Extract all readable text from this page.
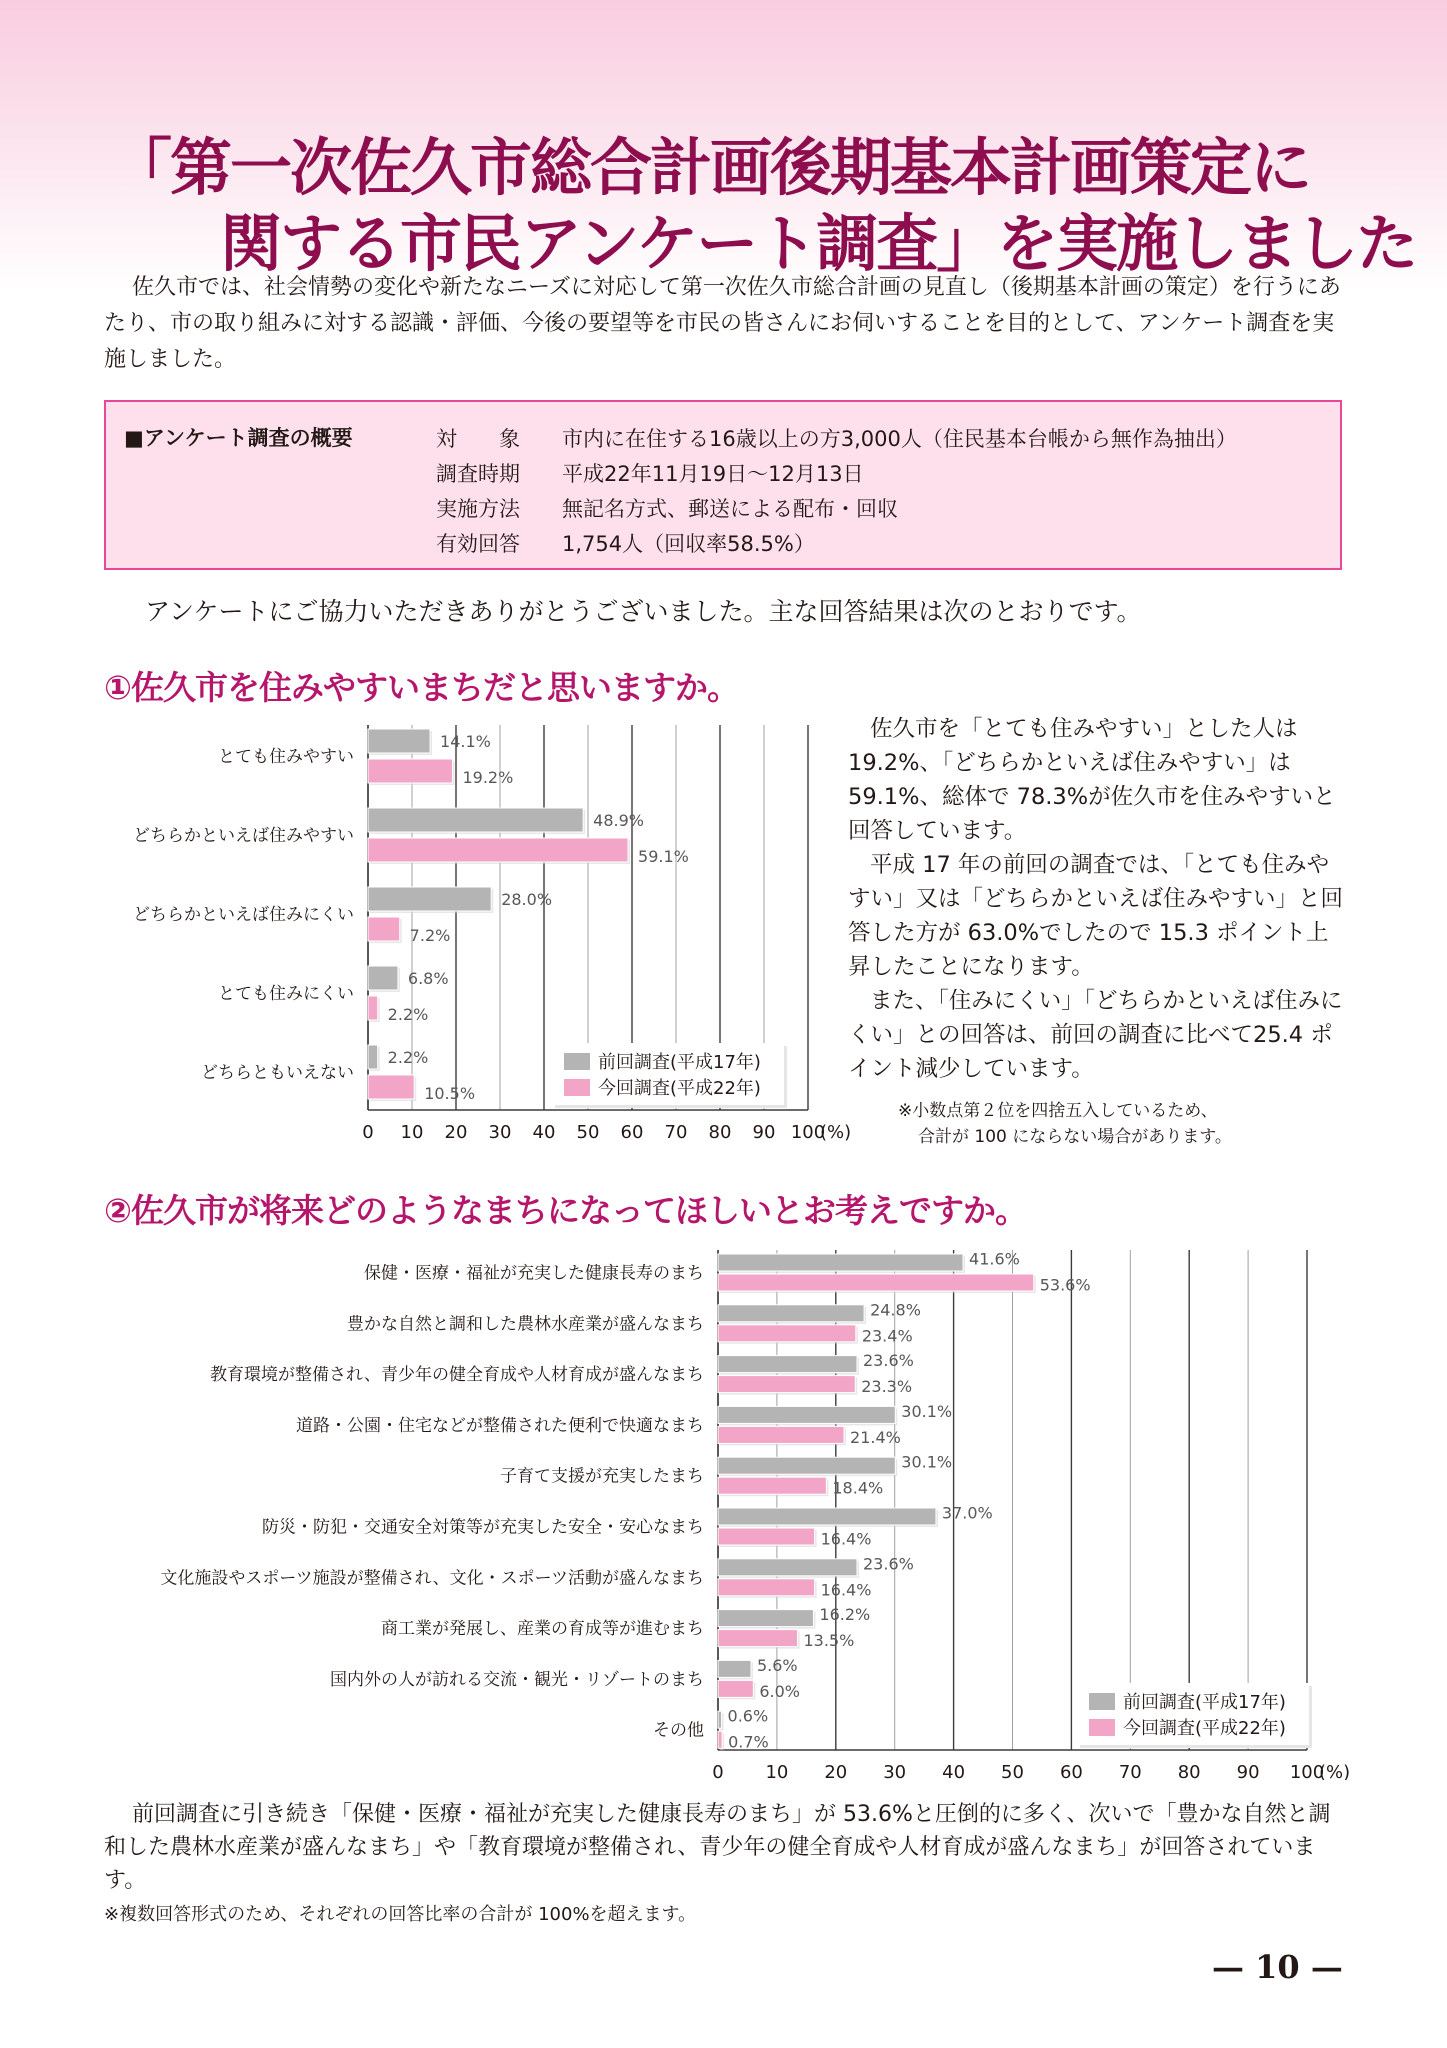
「第一次佐久市総合計画後期基本計画策定に
関する市民アンケート調査」を実施しました
佐久市では、社会情勢の変化や新たなニーズに対応して第一次佐久市総合計画の見直し（後期基本計画の策定）を行うにあたり、市の取り組みに対する認識・評価、今後の要望等を市民の皆さんにお伺いすることを目的として、アンケート調査を実施しました。
■アンケート調査の概要	対　　象	市内に在住する16歳以上の方3,000人（住民基本台帳から無作為抽出）
調査時期	平成22年11月19日～12月13日
実施方法	無記名方式、郵送による配布・回収
有効回答	1,754人（回収率58.5%）
アンケートにご協力いただきありがとうございました。主な回答結果は次のとおりです。
①佐久市を住みやすいまちだと思いますか。
0 10 20 30 40 50 60 70 80 90 100
(%)
とても住みやすい
14.1%
19.2%
どちらかといえば住みやすい
48.9%
59.1%
どちらかといえば住みにくい
28.0%
7.2%
とても住みにくい
6.8%
2.2%
どちらともいえない
2.2%
10.5%
前回調査(平成17年)
今回調査(平成22年)

佐久市を「とても住みやすい」とした人は19.2%、「どちらかといえば住みやすい」は59.1%、総体で 78.3%が佐久市を住みやすいと回答しています。

平成 17 年の前回の調査では、「とても住みやすい」又は「どちらかといえば住みやすい」と回答した方が 63.0%でしたので 15.3 ポイント上昇したことになります。

また、「住みにくい」「どちらかといえば住みにくい」との回答は、前回の調査に比べて25.4 ポイント減少しています。

※小数点第２位を四捨五入しているため、
合計が 100 にならない場合があります。
②佐久市が将来どのようなまちになってほしいとお考えですか。
0 10 20 30 40 50 60 70 80 90 100
(%)
保健・医療・福祉が充実した健康長寿のまち
41.6%
53.6%
豊かな自然と調和した農林水産業が盛んなまち
24.8%
23.4%
教育環境が整備され、青少年の健全育成や人材育成が盛んなまち
23.6%
23.3%
道路・公園・住宅などが整備された便利で快適なまち
30.1%
21.4%
子育て支援が充実したまち
30.1%
18.4%
防災・防犯・交通安全対策等が充実した安全・安心なまち
37.0%
16.4%
文化施設やスポーツ施設が整備され、文化・スポーツ活動が盛んなまち
23.6%
16.4%
商工業が発展し、産業の育成等が進むまち
16.2%
13.5%
国内外の人が訪れる交流・観光・リゾートのまち
5.6%
6.0%
その他
0.6%
0.7%
前回調査(平成17年)
今回調査(平成22年)
前回調査に引き続き「保健・医療・福祉が充実した健康長寿のまち」が 53.6%と圧倒的に多く、次いで「豊かな自然と調和した農林水産業が盛んなまち」や「教育環境が整備され、青少年の健全育成や人材育成が盛んなまち」が回答されています。
※複数回答形式のため、それぞれの回答比率の合計が 100%を超えます。
— 10 —
